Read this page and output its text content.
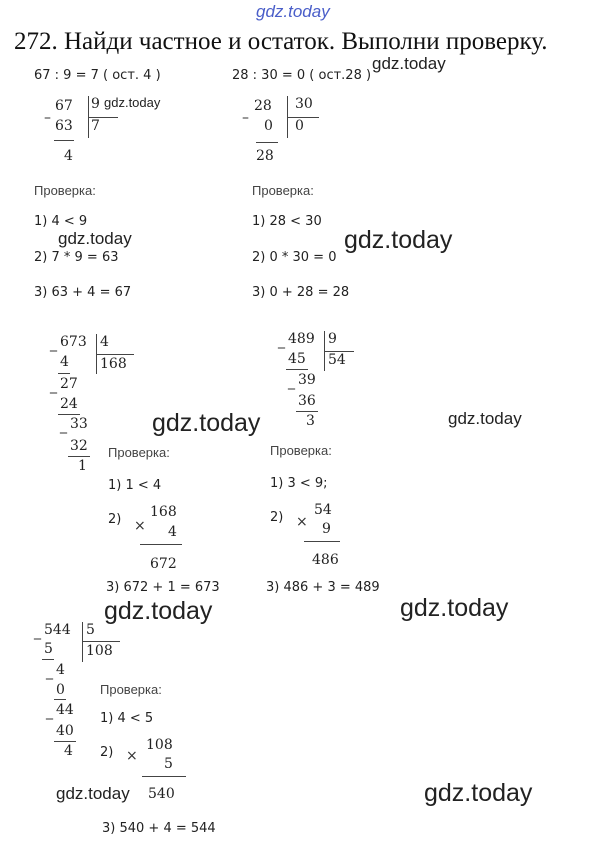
gdz.today
272. Найди частное и остаток. Выполни проверку.
67 : 9 = 7 ( ост. 4 )
–
67
63
9
7
4
Проверка:
1) 4 < 9
2) 7 * 9 = 63
3) 63 + 4 = 67
28 : 30 = 0 ( ост.28 )
–
28
0
30
0
28
Проверка:
1) 28 < 30
2) 0 * 30 = 0
3) 0 + 28 = 28
_ 673 4
168
4
_ 27
24
_ 33
32
1
Проверка:
1) 1 < 4
2) ×
168
4
672
3) 672 + 1 = 673
_ 489 9
54
45
_ 39
36
3
Проверка:
1) 3 < 9;
2) ×
54
9
486
3) 486 + 3 = 489
_ 544 5
108
5
_ 4
0
_ 44
40
4
Проверка:
1) 4 < 5
2) ×
108
5
540
3) 540 + 4 = 544
gdz.today
gdz.today
gdz.today	gdz.today
gdz.today	gdz.today
gdz.today	gdz.today
gdz.today	gdz.today
